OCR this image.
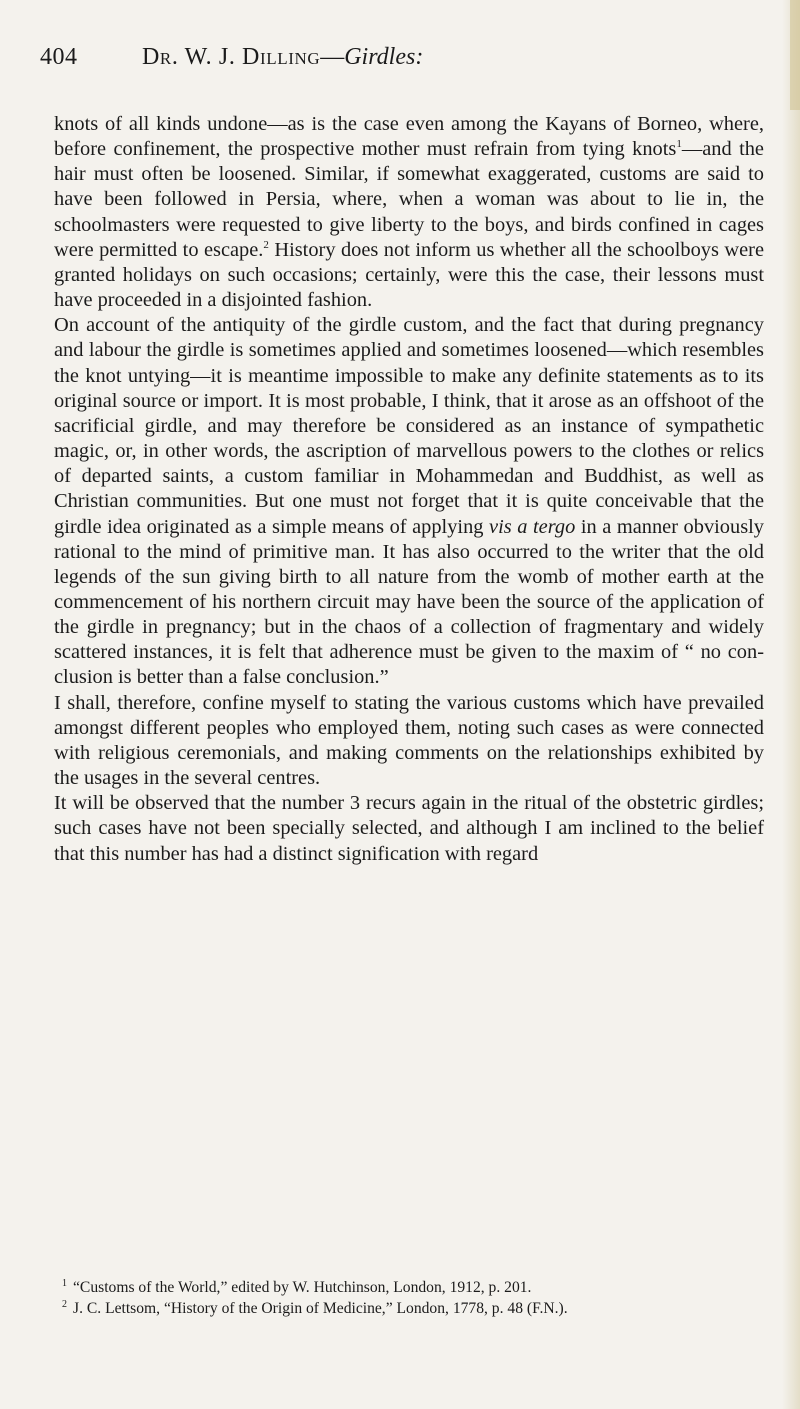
404	Dr. W. J. Dilling—Girdles:

knots of all kinds undone—as is the case even among the Kayans of Borneo, where, before confinement, the prospective mother must refrain from tying knots$^1$—and the hair must often be loosened. Similar, if somewhat exaggerated, customs are said to have been followed in Persia, where, when a woman was about to lie in, the schoolmasters were requested to give liberty to the boys, and birds confined in cages were permitted to escape.$^2$ History does not inform us whether all the schoolboys were granted holidays on such occasions; certainly, were this the case, their lessons must have proceeded in a disjointed fashion.

On account of the antiquity of the girdle custom, and the fact that during pregnancy and labour the girdle is sometimes applied and sometimes loosened—which resembles the knot untying—it is meantime impossible to make any definite statements as to its original source or import. It is most probable, I think, that it arose as an offshoot of the sacrificial girdle, and may therefore be considered as an instance of sympathetic magic, or, in other words, the ascription of marvellous powers to the clothes or relics of departed saints, a custom familiar in Mohammedan and Buddhist, as well as Christian communities. But one must not forget that it is quite conceivable that the girdle idea originated as a simple means of applying vis a tergo in a manner obviously rational to the mind of primitive man. It has also occurred to the writer that the old legends of the sun giving birth to all nature from the womb of mother earth at the commencement of his northern circuit may have been the source of the application of the girdle in pregnancy; but in the chaos of a collection of fragmentary and widely scattered instances, it is felt that adherence must be given to the maxim of “ no conclusion is better than a false conclusion.”

I shall, therefore, confine myself to stating the various customs which have prevailed amongst different peoples who employed them, noting such cases as were connected with religious ceremonials, and making comments on the relationships exhibited by the usages in the several centres.

It will be observed that the number 3 recurs again in the ritual of the obstetric girdles; such cases have not been specially selected, and although I am inclined to the belief that this number has had a distinct signification with regard

$^1$ “Customs of the World,” edited by W. Hutchinson, London, 1912, p. 201.

$^2$ J. C. Lettsom, “History of the Origin of Medicine,” London, 1778, p. 48 (F.N.).
